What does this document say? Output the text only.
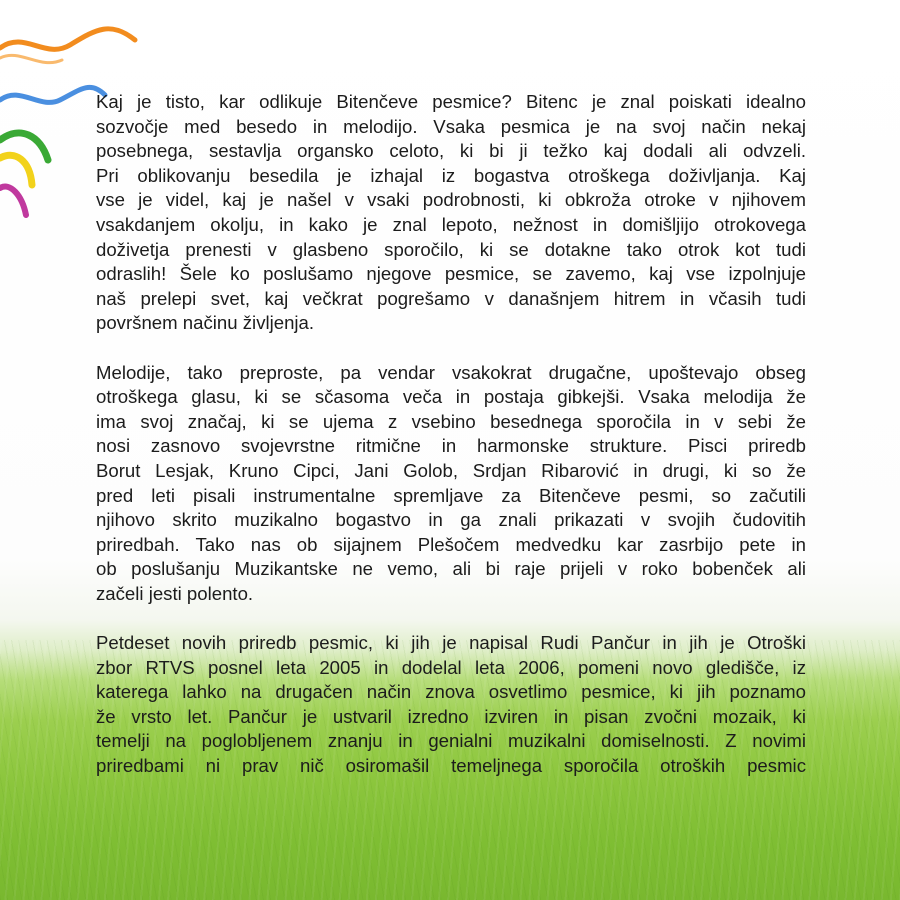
Kaj je tisto, kar odlikuje Bitenčeve pesmice? Bitenc je znal poiskati idealno
sozvočje med besedo in melodijo. Vsaka pesmica je na svoj način nekaj
posebnega, sestavlja organsko celoto, ki bi ji težko kaj dodali ali odvzeli.
Pri oblikovanju besedila je izhajal iz bogastva otroškega doživljanja. Kaj
vse je videl, kaj je našel v vsaki podrobnosti, ki obkroža otroke v njihovem
vsakdanjem okolju, in kako je znal lepoto, nežnost in domišljijo otrokovega
doživetja prenesti v glasbeno sporočilo, ki se dotakne tako otrok kot tudi
odraslih! Šele ko poslušamo njegove pesmice, se zavemo, kaj vse izpolnjuje
naš prelepi svet, kaj večkrat pogrešamo v današnjem hitrem in včasih tudi
površnem načinu življenja.

Melodije, tako preproste, pa vendar vsakokrat drugačne, upoštevajo obseg
otroškega glasu, ki se sčasoma veča in postaja gibkejši. Vsaka melodija že
ima svoj značaj, ki se ujema z vsebino besednega sporočila in v sebi že
nosi zasnovo svojevrstne ritmične in harmonske strukture. Pisci priredb
Borut Lesjak, Kruno Cipci, Jani Golob, Srdjan Ribarović in drugi, ki so že
pred leti pisali instrumentalne spremljave za Bitenčeve pesmi, so začutili
njihovo skrito muzikalno bogastvo in ga znali prikazati v svojih čudovitih
priredbah. Tako nas ob sijajnem Plešočem medvedku kar zasrbijo pete in
ob poslušanju Muzikantske ne vemo, ali bi raje prijeli v roko bobenček ali
začeli jesti polento.

Petdeset novih priredb pesmic, ki jih je napisal Rudi Pančur in jih je Otroški
zbor RTVS posnel leta 2005 in dodelal leta 2006, pomeni novo gledišče, iz
katerega lahko na drugačen način znova osvetlimo pesmice, ki jih poznamo
že vrsto let. Pančur je ustvaril izredno izviren in pisan zvočni mozaik, ki
temelji na poglobljenem znanju in genialni muzikalni domiselnosti. Z novimi
priredbami ni prav nič osiromašil temeljnega sporočila otroških pesmic
